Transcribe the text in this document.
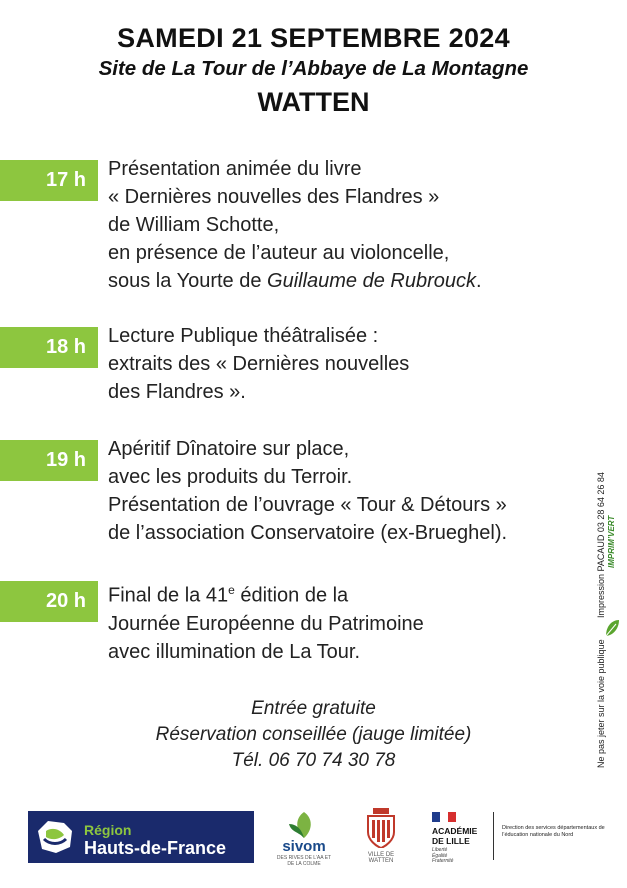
SAMEDI 21 SEPTEMBRE 2024
Site de La Tour de l’Abbaye de La Montagne
WATTEN
17 h	Présentation animée du livre
« Dernières nouvelles des Flandres »
de William Schotte,
en présence de l’auteur au violoncelle,
sous la Yourte de Guillaume de Rubrouck.
18 h	Lecture Publique théâtralisée :
extraits des « Dernières nouvelles
des Flandres ».
19 h	Apéritif Dînatoire sur place,
avec les produits du Terroir.
Présentation de l’ouvrage « Tour & Détours »
de l’association Conservatoire (ex-Brueghel).
20 h	Final de la 41e édition de la
Journée Européenne du Patrimoine
avec illumination de La Tour.
Entrée gratuite
Réservation conseillée (jauge limitée)
Tél. 06 70 74 30 78
Impression PACAUD 03 28 64 26 84 IMPRIM’VERT
Ne pas jeter sur la voie publique
Région
Hauts-de-France	sivom
DES RIVES DE L’AA ET DE LA COLME
VILLE DE WATTEN
ACADÉMIE
DE LILLE
Liberté
Égalité
Fraternité
Direction des services départementaux de l’éducation nationale du Nord
